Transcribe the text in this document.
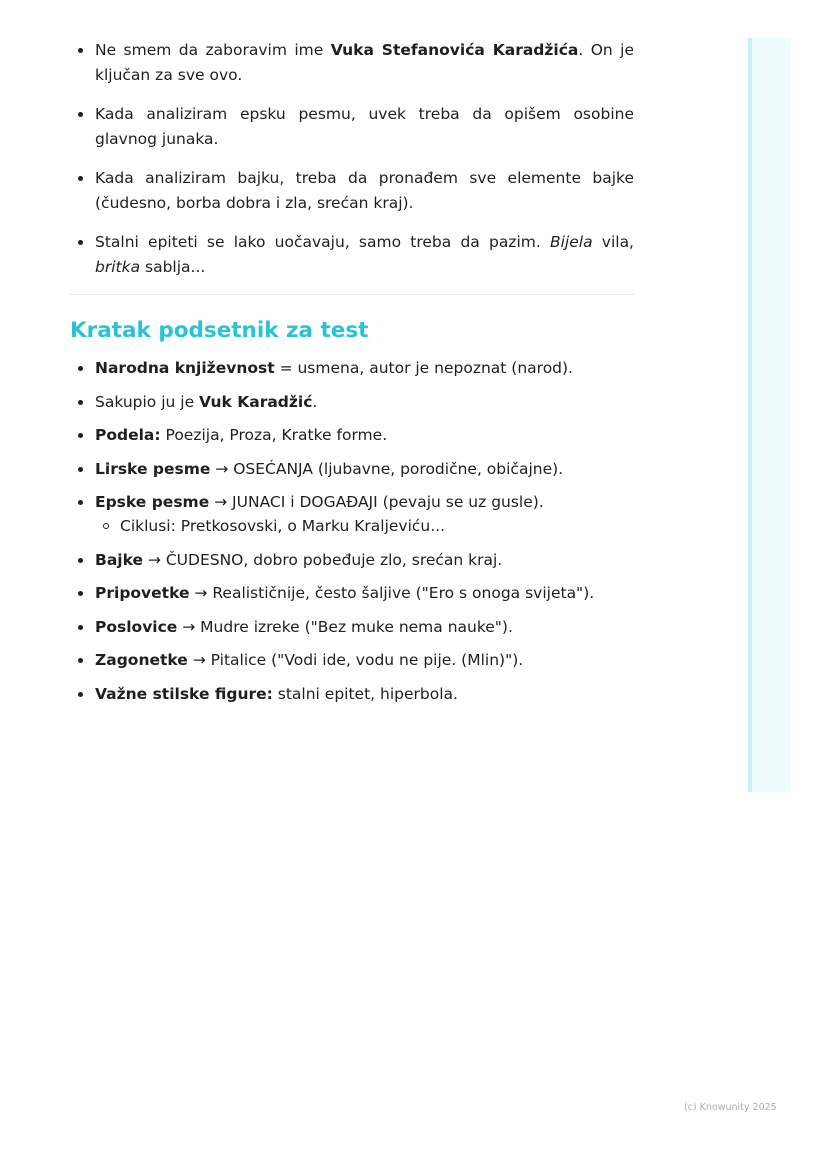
Ne smem da zaboravim ime Vuka Stefanovića Karadžića. On je ključan za sve ovo.
Kada analiziram epsku pesmu, uvek treba da opišem osobine glavnog junaka.
Kada analiziram bajku, treba da pronađem sve elemente bajke (čudesno, borba dobra i zla, srećan kraj).
Stalni epiteti se lako uočavaju, samo treba da pazim. Bijela vila, britka sablja...
Kratak podsetnik za test
Narodna književnost = usmena, autor je nepoznat (narod).
Sakupio ju je Vuk Karadžić.
Podela: Poezija, Proza, Kratke forme.
Lirske pesme → OSEĆANJA (ljubavne, porodične, običajne).
Epske pesme → JUNACI i DOGAĐAJI (pevaju se uz gusle).
Ciklusi: Pretkosovski, o Marku Kraljeviću...
Bajke → ČUDESNO, dobro pobeđuje zlo, srećan kraj.
Pripovetke → Realističnije, često šaljive ("Ero s onoga svijeta").
Poslovice → Mudre izreke ("Bez muke nema nauke").
Zagonetke → Pitalice ("Vodi ide, vodu ne pije. (Mlin)").
Važne stilske figure: stalni epitet, hiperbola.
(c) Knowunity 2025
